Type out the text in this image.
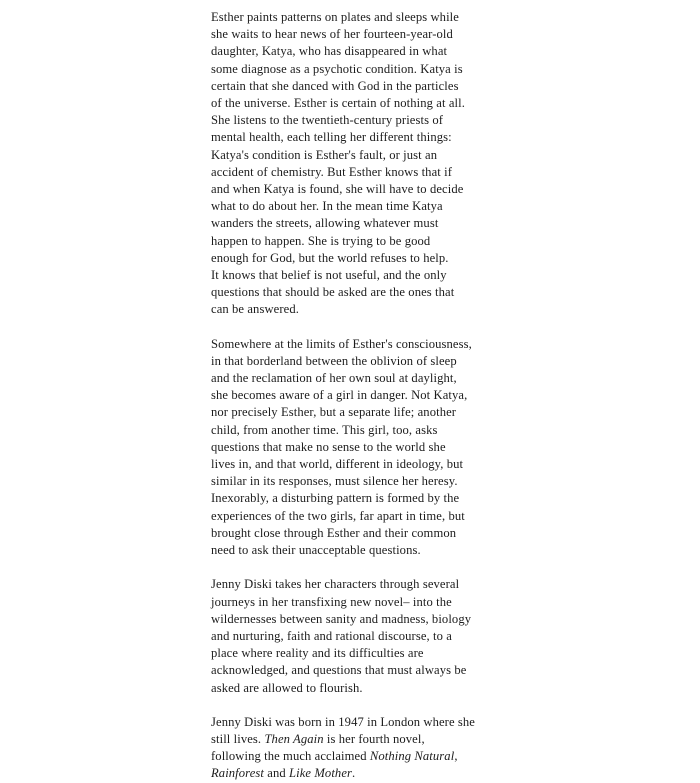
Esther paints patterns on plates and sleeps while
she waits to hear news of her fourteen-year-old
daughter, Katya, who has disappeared in what
some diagnose as a psychotic condition. Katya is
certain that she danced with God in the particles
of the universe. Esther is certain of nothing at all.
She listens to the twentieth-century priests of
mental health, each telling her different things:
Katya's condition is Esther's fault, or just an
accident of chemistry. But Esther knows that if
and when Katya is found, she will have to decide
what to do about her. In the mean time Katya
wanders the streets, allowing whatever must
happen to happen. She is trying to be good
enough for God, but the world refuses to help.
It knows that belief is not useful, and the only
questions that should be asked are the ones that
can be answered.
Somewhere at the limits of Esther's consciousness,
in that borderland between the oblivion of sleep
and the reclamation of her own soul at daylight,
she becomes aware of a girl in danger. Not Katya,
nor precisely Esther, but a separate life; another
child, from another time. This girl, too, asks
questions that make no sense to the world she
lives in, and that world, different in ideology, but
similar in its responses, must silence her heresy.
Inexorably, a disturbing pattern is formed by the
experiences of the two girls, far apart in time, but
brought close through Esther and their common
need to ask their unacceptable questions.
Jenny Diski takes her characters through several
journeys in her transfixing new novel– into the
wildernesses between sanity and madness, biology
and nurturing, faith and rational discourse, to a
place where reality and its difficulties are
acknowledged, and questions that must always be
asked are allowed to flourish.
Jenny Diski was born in 1947 in London where she
still lives. Then Again is her fourth novel,
following the much acclaimed Nothing Natural,
Rainforest and Like Mother.
